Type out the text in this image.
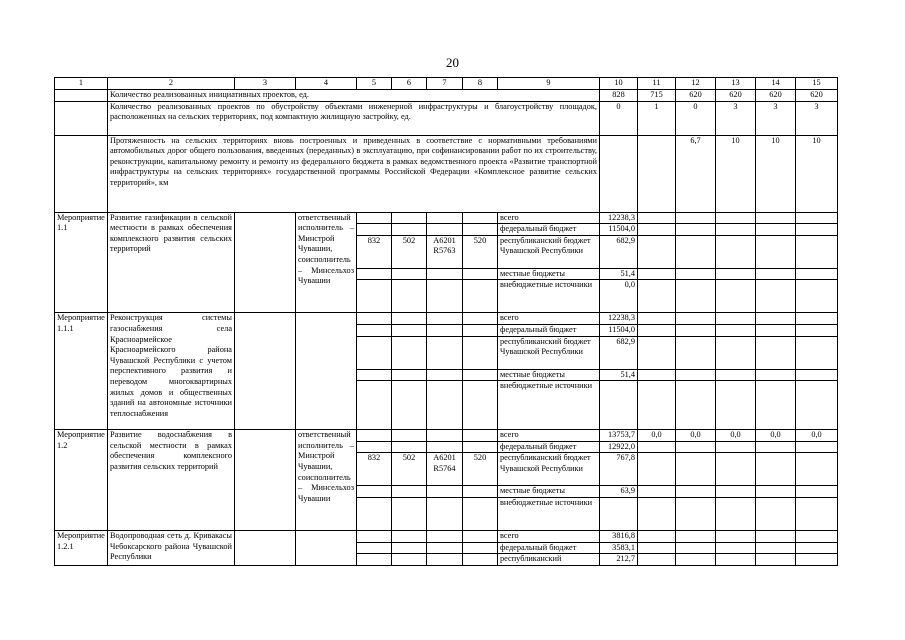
20
1	2	3	4	5	6	7	8	9	10	11	12	13	14	15
	Количество реализованных инициативных проектов, ед.								828	715	620	620	620	620
	Количество реализованных проектов по обустройству объектами инженерной инфраструктуры и благоустройству площадок, расположенных на сельских территориях, под компактную жилищную застройку, ед.								0	1	0	3	3	3
	Протяженность на сельских территориях вновь построенных и приведенных в соответствие с нормативными требованиями автомобильных дорог общего пользования, введенных (переданных) в эксплуатацию, при софинансировании работ по их строительству, реконструкции, капитальному ремонту и ремонту из федерального бюджета в рамках ведомственного проекта «Развитие транспортной инфраструктуры на сельских территориях» государственной программы Российской Федерации «Комплексное развитие сельских территорий», км										6,7	10	10	10
Мероприятие 1.1	Развитие газификации в сельской местности в рамках обеспечения комплексного развития сельских территорий		ответственный исполнитель – Минстрой Чувашии, соисполнитель – Минсельхоз Чувашии					всего	12238,3					
								федеральный бюджет	11504,0					
				832	502	A6201 R5763	520	республиканский бюджет Чувашской Республики	682,9					
								местные бюджеты	51,4					
								внебюджетные источники	0,0					
Мероприятие 1.1.1	Реконструкция системы газоснабжения села Красноармейское Красноармейского района Чувашской Республики с учетом перспективного развития и переводом многоквартирных жилых домов и общественных зданий на автономные источники теплоснабжения							всего	12238,3					
								федеральный бюджет	11504,0					
								республиканский бюджет Чувашской Республики	682,9					
								местные бюджеты	51,4					
								внебюджетные источники						
Мероприятие 1.2	Развитие водоснабжения в сельской местности в рамках обеспечения комплексного развития сельских территорий		ответственный исполнитель – Минстрой Чувашии, соисполнитель – Минсельхоз Чувашии					всего	13753,7	0,0	0,0	0,0	0,0	0,0
								федеральный бюджет	12922,0					
				832	502	A6201 R5764	520	республиканский бюджет Чувашской Республики	767,8					
								местные бюджеты	63,9					
								внебюджетные источники						
Мероприятие 1.2.1	Водопроводная сеть д. Кривакасы Чебоксарского района Чувашской Республики							всего	3816,8					
								федеральный бюджет	3583,1					
								республиканский	212,7					
